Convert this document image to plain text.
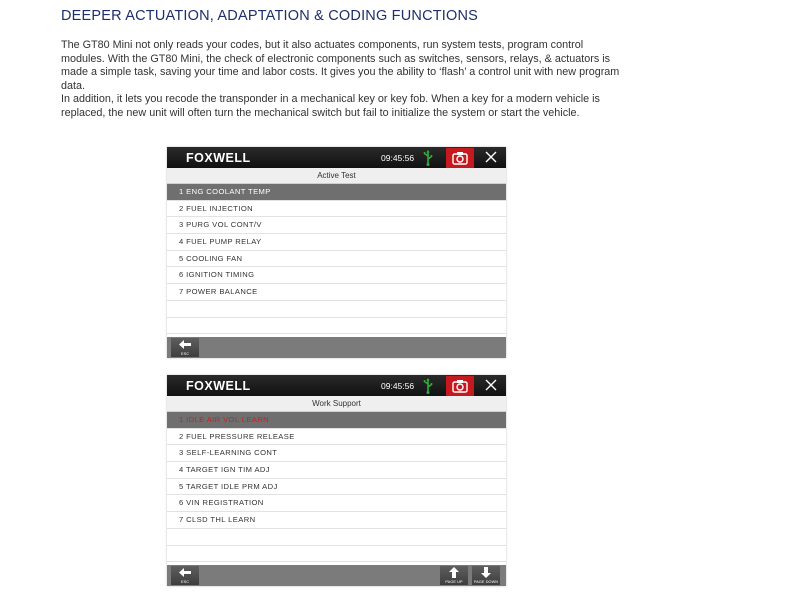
DEEPER ACTUATION, ADAPTATION & CODING FUNCTIONS

The GT80 Mini not only reads your codes, but it also actuates components, run system tests, program control modules. With the GT80 Mini, the check of electronic components such as switches, sensors, relays, & actuators is made a simple task, saving your time and labor costs. It gives you the ability to ‘flash’ a control unit with new program data.

In addition, it lets you recode the transponder in a mechanical key or key fob. When a key for a modern vehicle is replaced, the new unit will often turn the mechanical switch but fail to initialize the system or start the vehicle.

FOXWELL	09:45:56
Active Test
1 ENG COOLANT TEMP
2 FUEL INJECTION
3 PURG VOL CONT/V
4 FUEL PUMP RELAY
5 COOLING FAN
6 IGNITION TIMING
7 POWER BALANCE
ESC
FOXWELL	09:45:56
Work Support
1 IDLE AIR VOL LEARN
2 FUEL PRESSURE RELEASE
3 SELF-LEARNING CONT
4 TARGET IGN TIM ADJ
5 TARGET IDLE PRM ADJ
6 VIN REGISTRATION
7 CLSD THL LEARN
ESC	PAGE UP	PAGE DOWN
